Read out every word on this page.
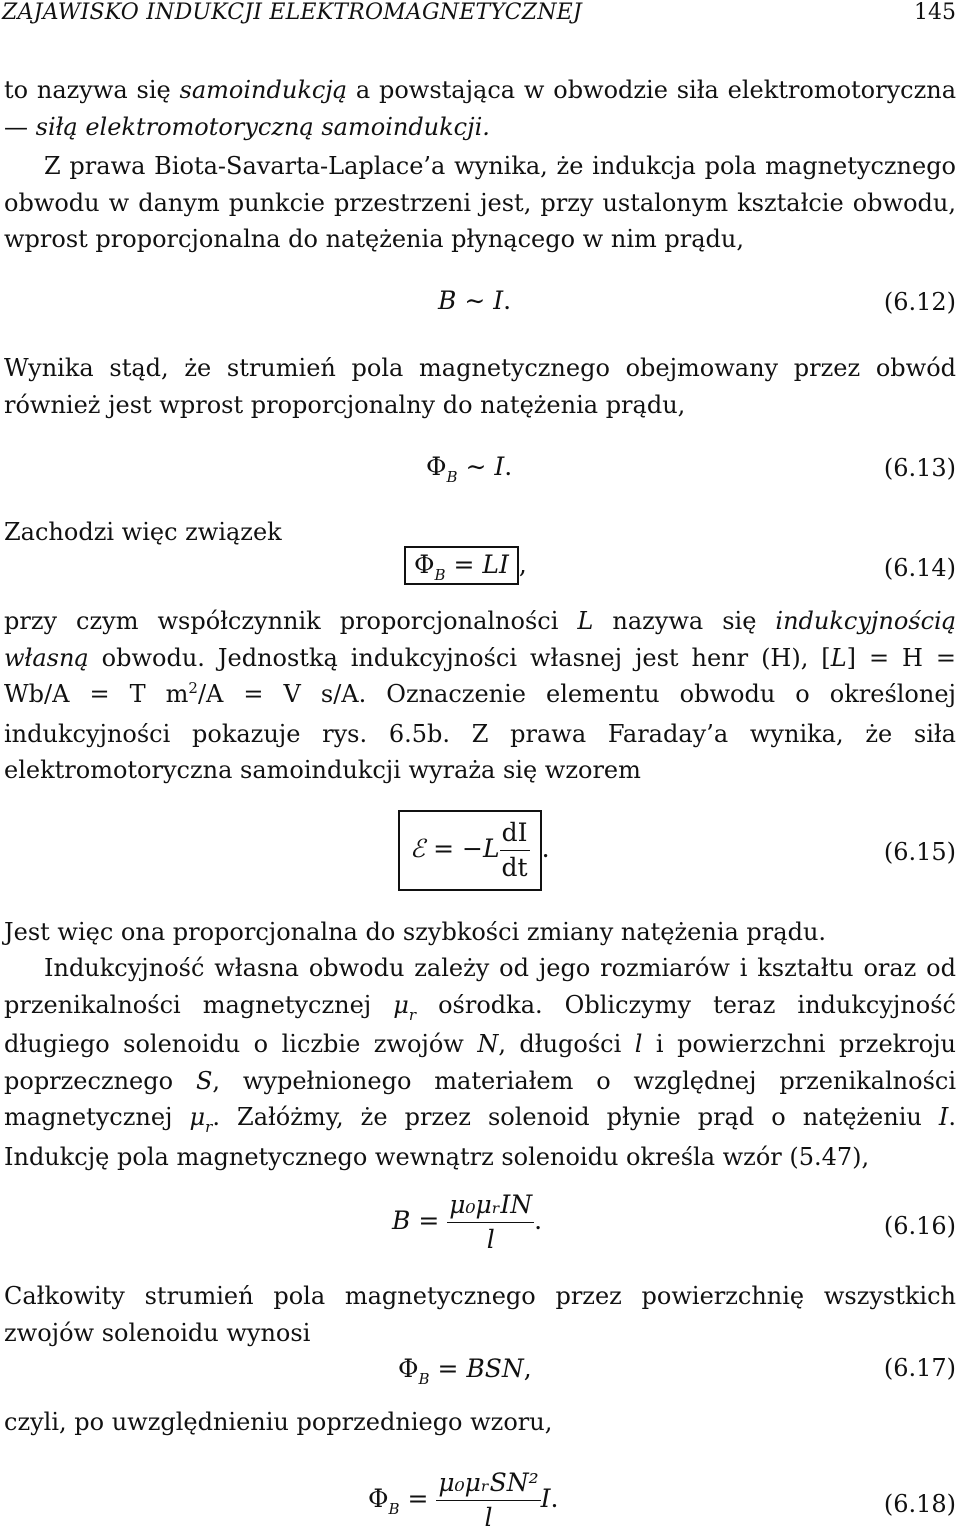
ZAJAWISKO INDUKCJI ELEKTROMAGNETYCZNEJ	145

to nazywa się samoindukcją a powstająca w obwodzie siła elektromotoryczna — siłą elektromotoryczną samoindukcji.

Z prawa Biota-Savarta-Laplace’a wynika, że indukcja pola magnetycznego obwodu w danym punkcie przestrzeni jest, przy ustalonym kształcie obwodu, wprost proporcjonalna do natężenia płynącego w nim prądu,

B ∼ I.	(6.12)

Wynika stąd, że strumień pola magnetycznego obejmowany przez obwód również jest wprost proporcjonalny do natężenia prądu,

$\Phi_B$ ∼ I.	(6.13)

Zachodzi więc związek

$\Phi_B$ = LI ,	(6.14)

przy czym współczynnik proporcjonalności L nazywa się indukcyjnością własną obwodu. Jednostką indukcyjności własnej jest henr (H), [L] = H = Wb/A = T $m^2/A = V$ s/A. Oznaczenie elementu obwodu o określonej indukcyjności pokazuje rys. 6.5b. Z prawa Faraday’a wynika, że siła elektromotoryczna samoindukcji wyraża się wzorem

ℰ = $-L \frac{dI}{dt}$ .	(6.15)

Jest więc ona proporcjonalna do szybkości zmiany natężenia prądu.

Indukcyjność własna obwodu zależy od jego rozmiarów i kształtu oraz od przenikalności magnetycznej $\mu_r$ ośrodka. Obliczymy teraz indukcyjność długiego solenoidu o liczbie zwojów N, długości l i powierzchni przekroju poprzecznego S, wypełnionego materiałem o względnej przenikalności magnetycznej $\mu_r$. Załóżmy, że przez solenoid płynie prąd o natężeniu I. Indukcję pola magnetycznego wewnątrz solenoidu określa wzór (5.47),

$B = \frac{\text{μ₀μᵣIN}}{l}$ .	(6.16)

Całkowity strumień pola magnetycznego przez powierzchnię wszystkich zwojów solenoidu wynosi

$\Phi_B$ = BSN,	(6.17)

czyli, po uwzględnieniu poprzedniego wzoru,

$\Phi_B = \frac{\text{μ₀μᵣSN²}}{l} I$.	(6.18)
